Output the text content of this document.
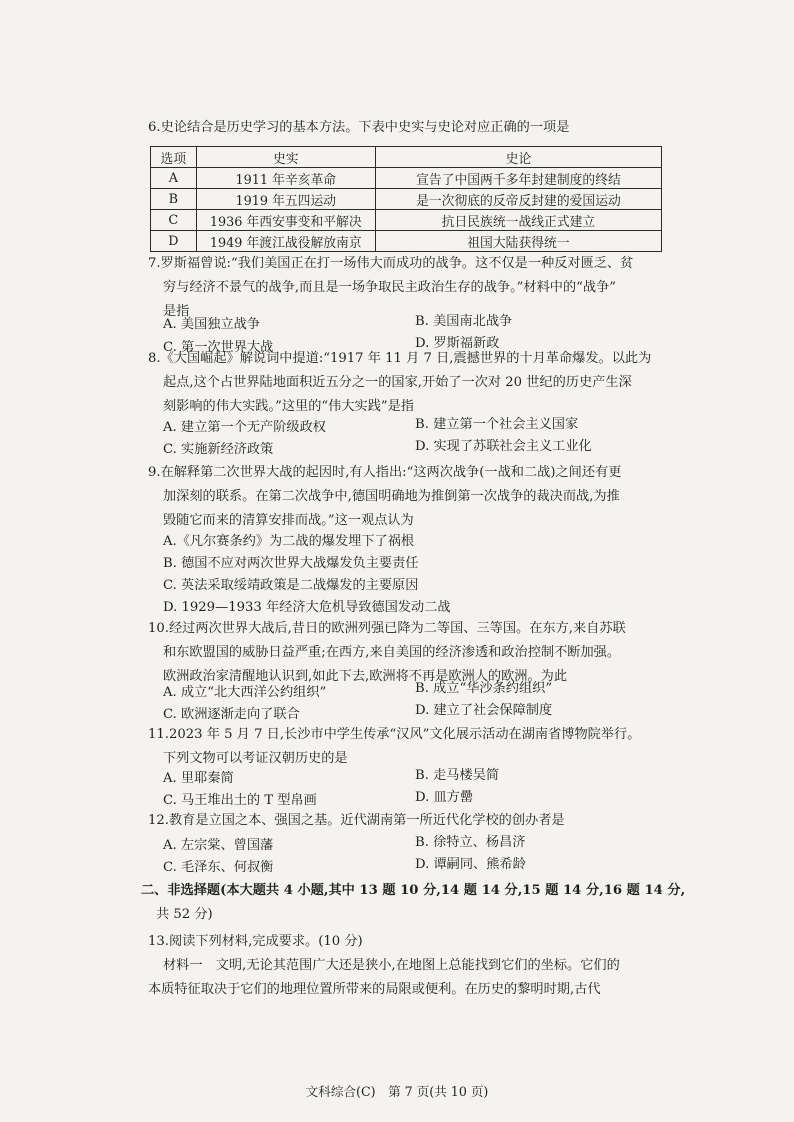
6.史论结合是历史学习的基本方法。下表中史实与史论对应正确的一项是
选项	史实	史论
A	1911 年辛亥革命	宣告了中国两千多年封建制度的终结
B	1919 年五四运动	是一次彻底的反帝反封建的爱国运动
C	1936 年西安事变和平解决	抗日民族统一战线正式建立
D	1949 年渡江战役解放南京	祖国大陆获得统一
7.罗斯福曾说:“我们美国正在打一场伟大而成功的战争。这不仅是一种反对匮乏、贫
穷与经济不景气的战争,而且是一场争取民主政治生存的战争。”材料中的“战争”
是指
A. 美国独立战争	B. 美国南北战争
C. 第一次世界大战	D. 罗斯福新政
8.《大国崛起》解说词中提道:“1917 年 11 月 7 日,震撼世界的十月革命爆发。以此为
起点,这个占世界陆地面积近五分之一的国家,开始了一次对 20 世纪的历史产生深
刻影响的伟大实践。”这里的“伟大实践”是指
A. 建立第一个无产阶级政权	B. 建立第一个社会主义国家
C. 实施新经济政策	D. 实现了苏联社会主义工业化
9.在解释第二次世界大战的起因时,有人指出:“这两次战争(一战和二战)之间还有更
加深刻的联系。在第二次战争中,德国明确地为推倒第一次战争的裁决而战,为推
毁随它而来的清算安排而战。”这一观点认为
A.《凡尔赛条约》为二战的爆发埋下了祸根
B. 德国不应对两次世界大战爆发负主要责任
C. 英法采取绥靖政策是二战爆发的主要原因
D. 1929—1933 年经济大危机导致德国发动二战
10.经过两次世界大战后,昔日的欧洲列强已降为二等国、三等国。在东方,来自苏联
和东欧盟国的威胁日益严重;在西方,来自美国的经济渗透和政治控制不断加强。
欧洲政治家清醒地认识到,如此下去,欧洲将不再是欧洲人的欧洲。为此
A. 成立“北大西洋公约组织”	B. 成立“华沙条约组织”
C. 欧洲逐渐走向了联合	D. 建立了社会保障制度
11.2023 年 5 月 7 日,长沙市中学生传承“汉风”文化展示活动在湖南省博物院举行。
下列文物可以考证汉朝历史的是
A. 里耶秦简	B. 走马楼吴简
C. 马王堆出土的 T 型帛画	D. 皿方罍
12.教育是立国之本、强国之基。近代湖南第一所近代化学校的创办者是
A. 左宗棠、曾国藩	B. 徐特立、杨昌济
C. 毛泽东、何叔衡	D. 谭嗣同、熊希龄
二、非选择题(本大题共 4 小题,其中 13 题 10 分,14 题 14 分,15 题 14 分,16 题 14 分,
共 52 分)
13.阅读下列材料,完成要求。(10 分)
材料一　文明,无论其范围广大还是狭小,在地图上总能找到它们的坐标。它们的
本质特征取决于它们的地理位置所带来的局限或便利。在历史的黎明时期,古代
文科综合(C)　第 7 页(共 10 页)
